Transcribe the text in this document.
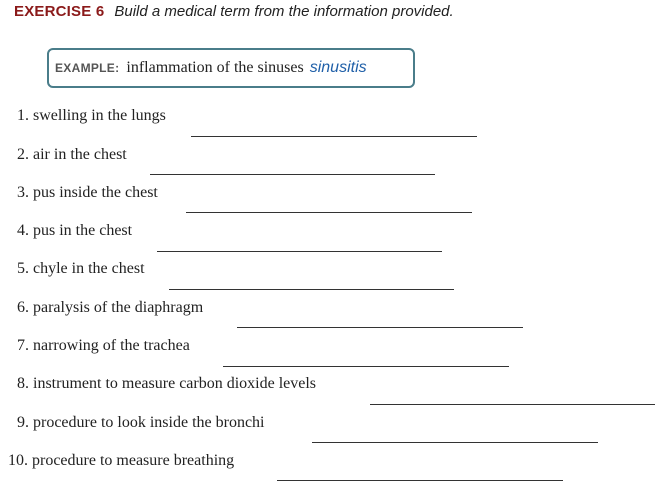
EXERCISE 6 Build a medical term from the information provided.
EXAMPLE: inflammation of the sinuses sinusitis
1. swelling in the lungs
2. air in the chest
3. pus inside the chest
4. pus in the chest
5. chyle in the chest
6. paralysis of the diaphragm
7. narrowing of the trachea
8. instrument to measure carbon dioxide levels
9. procedure to look inside the bronchi
10. procedure to measure breathing
